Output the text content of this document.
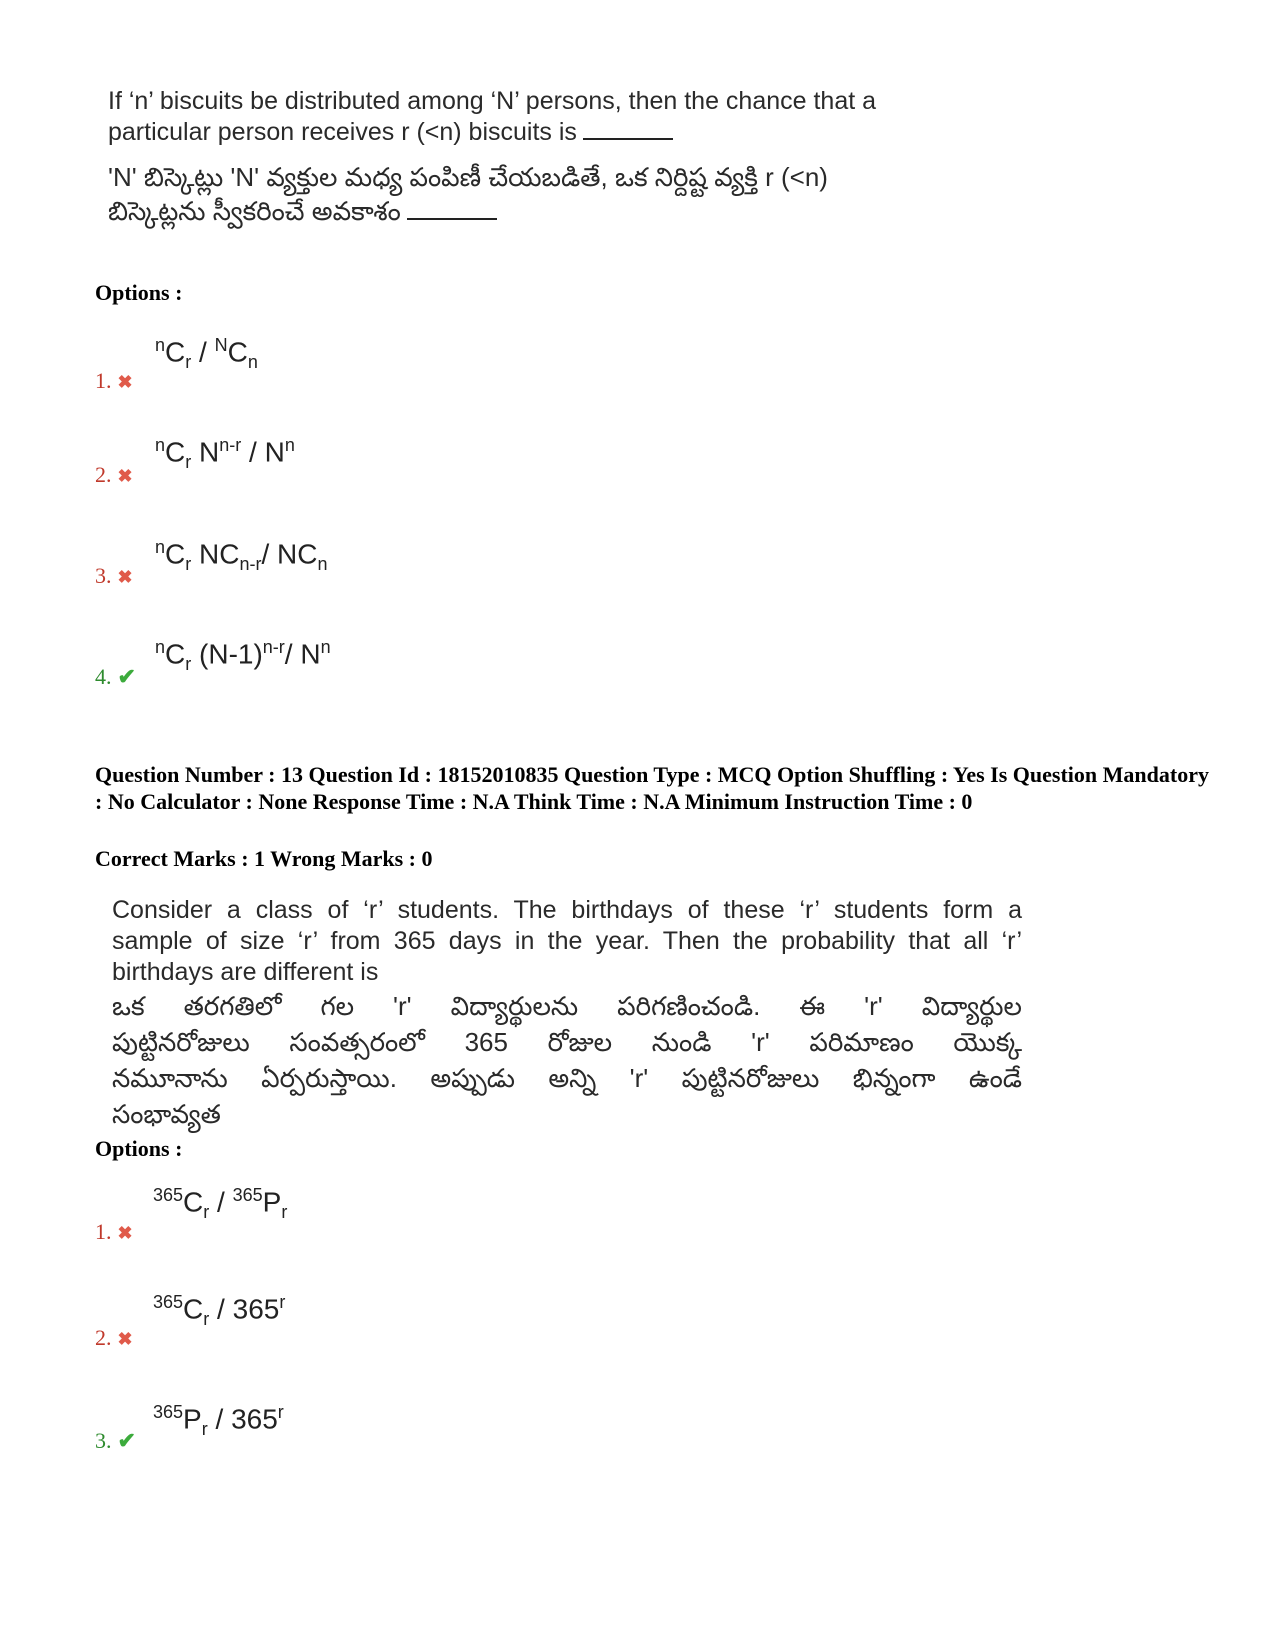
If ‘n’ biscuits be distributed among ‘N’ persons, then the chance that a
particular person receives r (<n) biscuits is
'N' బిస్కెట్లు 'N' వ్యక్తుల మధ్య పంపిణీ చేయబడితే, ఒక నిర్దిష్ట వ్యక్తి r (<n)
బిస్కెట్లను స్వీకరించే అవకాశం
Options :
$^nC_r / ^NC_n$
1. ✖
$^nC_r$ $N^{n-r} / N^n$
2. ✖
$^nC_r$ $NC_{n-r}/$ $NC_n$
3. ✖
$^nC_r$ $(N-1)^{n-r}/$ $N^n$
4. ✔
Question Number : 13 Question Id : 18152010835 Question Type : MCQ Option Shuffling : Yes Is Question Mandatory : No Calculator : None Response Time : N.A Think Time : N.A Minimum Instruction Time : 0
Correct Marks : 1 Wrong Marks : 0
Consider a class of ‘r’ students. The birthdays of these ‘r’ students form a
sample of size ‘r’ from 365 days in the year. Then the probability that all ‘r’
birthdays are different is
ఒక తరగతిలో గల 'r' విద్యార్థులను పరిగణించండి. ఈ 'r' విద్యార్థుల
పుట్టినరోజులు సంవత్సరంలో 365 రోజుల నుండి 'r' పరిమాణం యొక్క
నమూనాను ఏర్పరుస్తాయి. అప్పుడు అన్ని 'r' పుట్టినరోజులు భిన్నంగా ఉండే
సంభావ్యత
Options :
$^{365}C_r / ^{365}P_r$
1. ✖
$^{365}C_r / 365^r$
2. ✖
$^{365}P_r / 365^r$
3. ✔
